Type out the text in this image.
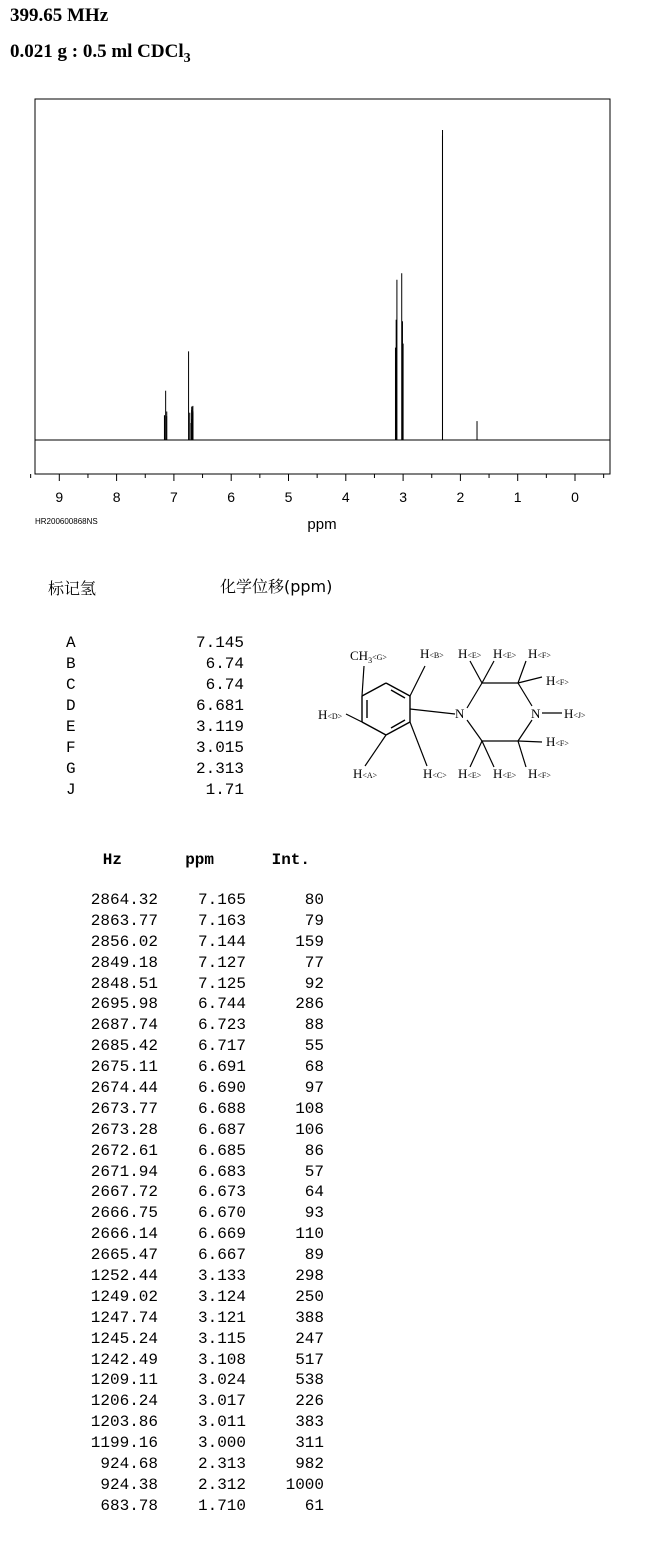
399.65 MHz
0.021 g : 0.5 ml CDCl$_3$
9	8	7	6	5	4	3	2	1	0
ppm
HR200600868NS
标记氢	化学位移(ppm)
A	7.145
B	6.74
C	6.74
D	6.681
E	3.119
F	3.015
G	2.313
J	1.71
$CH_3^{<G>}$	H<B> H<E> H<E> H<F>
H<F>
H<D>	N	N H<J>
H<F>
H<A>	H<C> H<E> H<E> H<F>
Hz	ppm	Int.
2864.32 7.165	80
2863.77 7.163	79
2856.02 7.144	159
2849.18 7.127	77
2848.51 7.125	92
2695.98 6.744	286
2687.74 6.723	88
2685.42 6.717	55
2675.11 6.691	68
2674.44 6.690	97
2673.77 6.688	108
2673.28 6.687	106
2672.61 6.685	86
2671.94 6.683	57
2667.72 6.673	64
2666.75 6.670	93
2666.14 6.669	110
2665.47 6.667	89
1252.44 3.133	298
1249.02 3.124	250
1247.74 3.121	388
1245.24 3.115	247
1242.49 3.108	517
1209.11 3.024	538
1206.24 3.017	226
1203.86 3.011	383
1199.16 3.000	311
924.68 2.313	982
924.38 2.312 1000
683.78 1.710	61
